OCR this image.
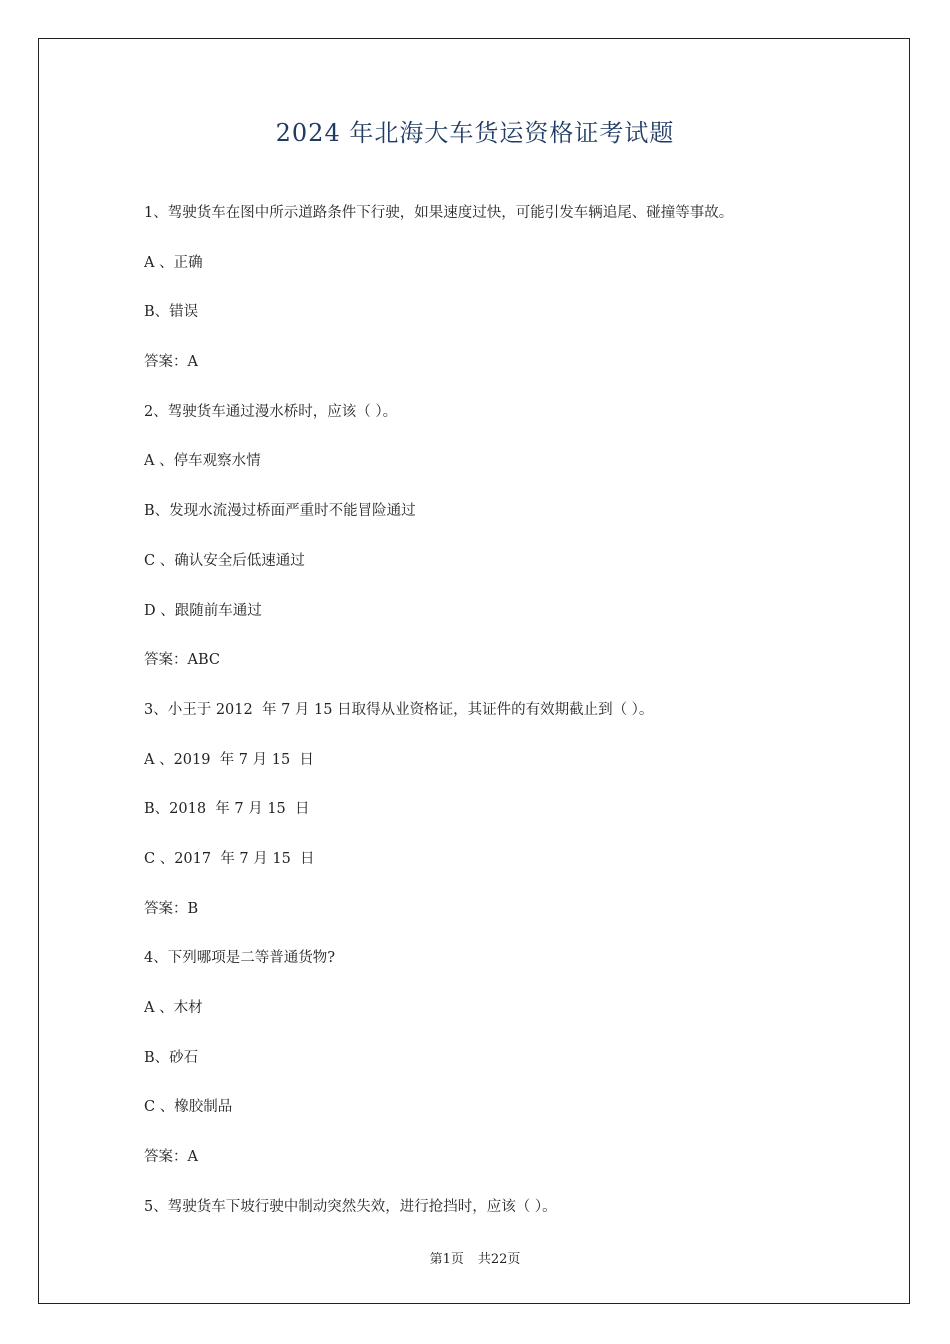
2024 年北海大车货运资格证考试题
1、驾驶货车在图中所示道路条件下行驶，如果速度过快，可能引发车辆追尾、碰撞等事故。
A 、正确
B、错误
答案：A
2、驾驶货车通过漫水桥时，应该（ ）。
A 、停车观察水情
B、发现水流漫过桥面严重时不能冒险通过
C 、确认安全后低速通过
D 、跟随前车通过
答案：ABC
3、小王于 2012  年 7 月 15 日取得从业资格证，其证件的有效期截止到（ ）。
A 、2019  年 7 月 15  日
B、2018  年 7 月 15  日
C 、2017  年 7 月 15  日
答案：B
4、下列哪项是二等普通货物?
A 、木材
B、砂石
C 、橡胶制品
答案：A
5、驾驶货车下坡行驶中制动突然失效，进行抢挡时，应该（ ）。
第1页 共22页
